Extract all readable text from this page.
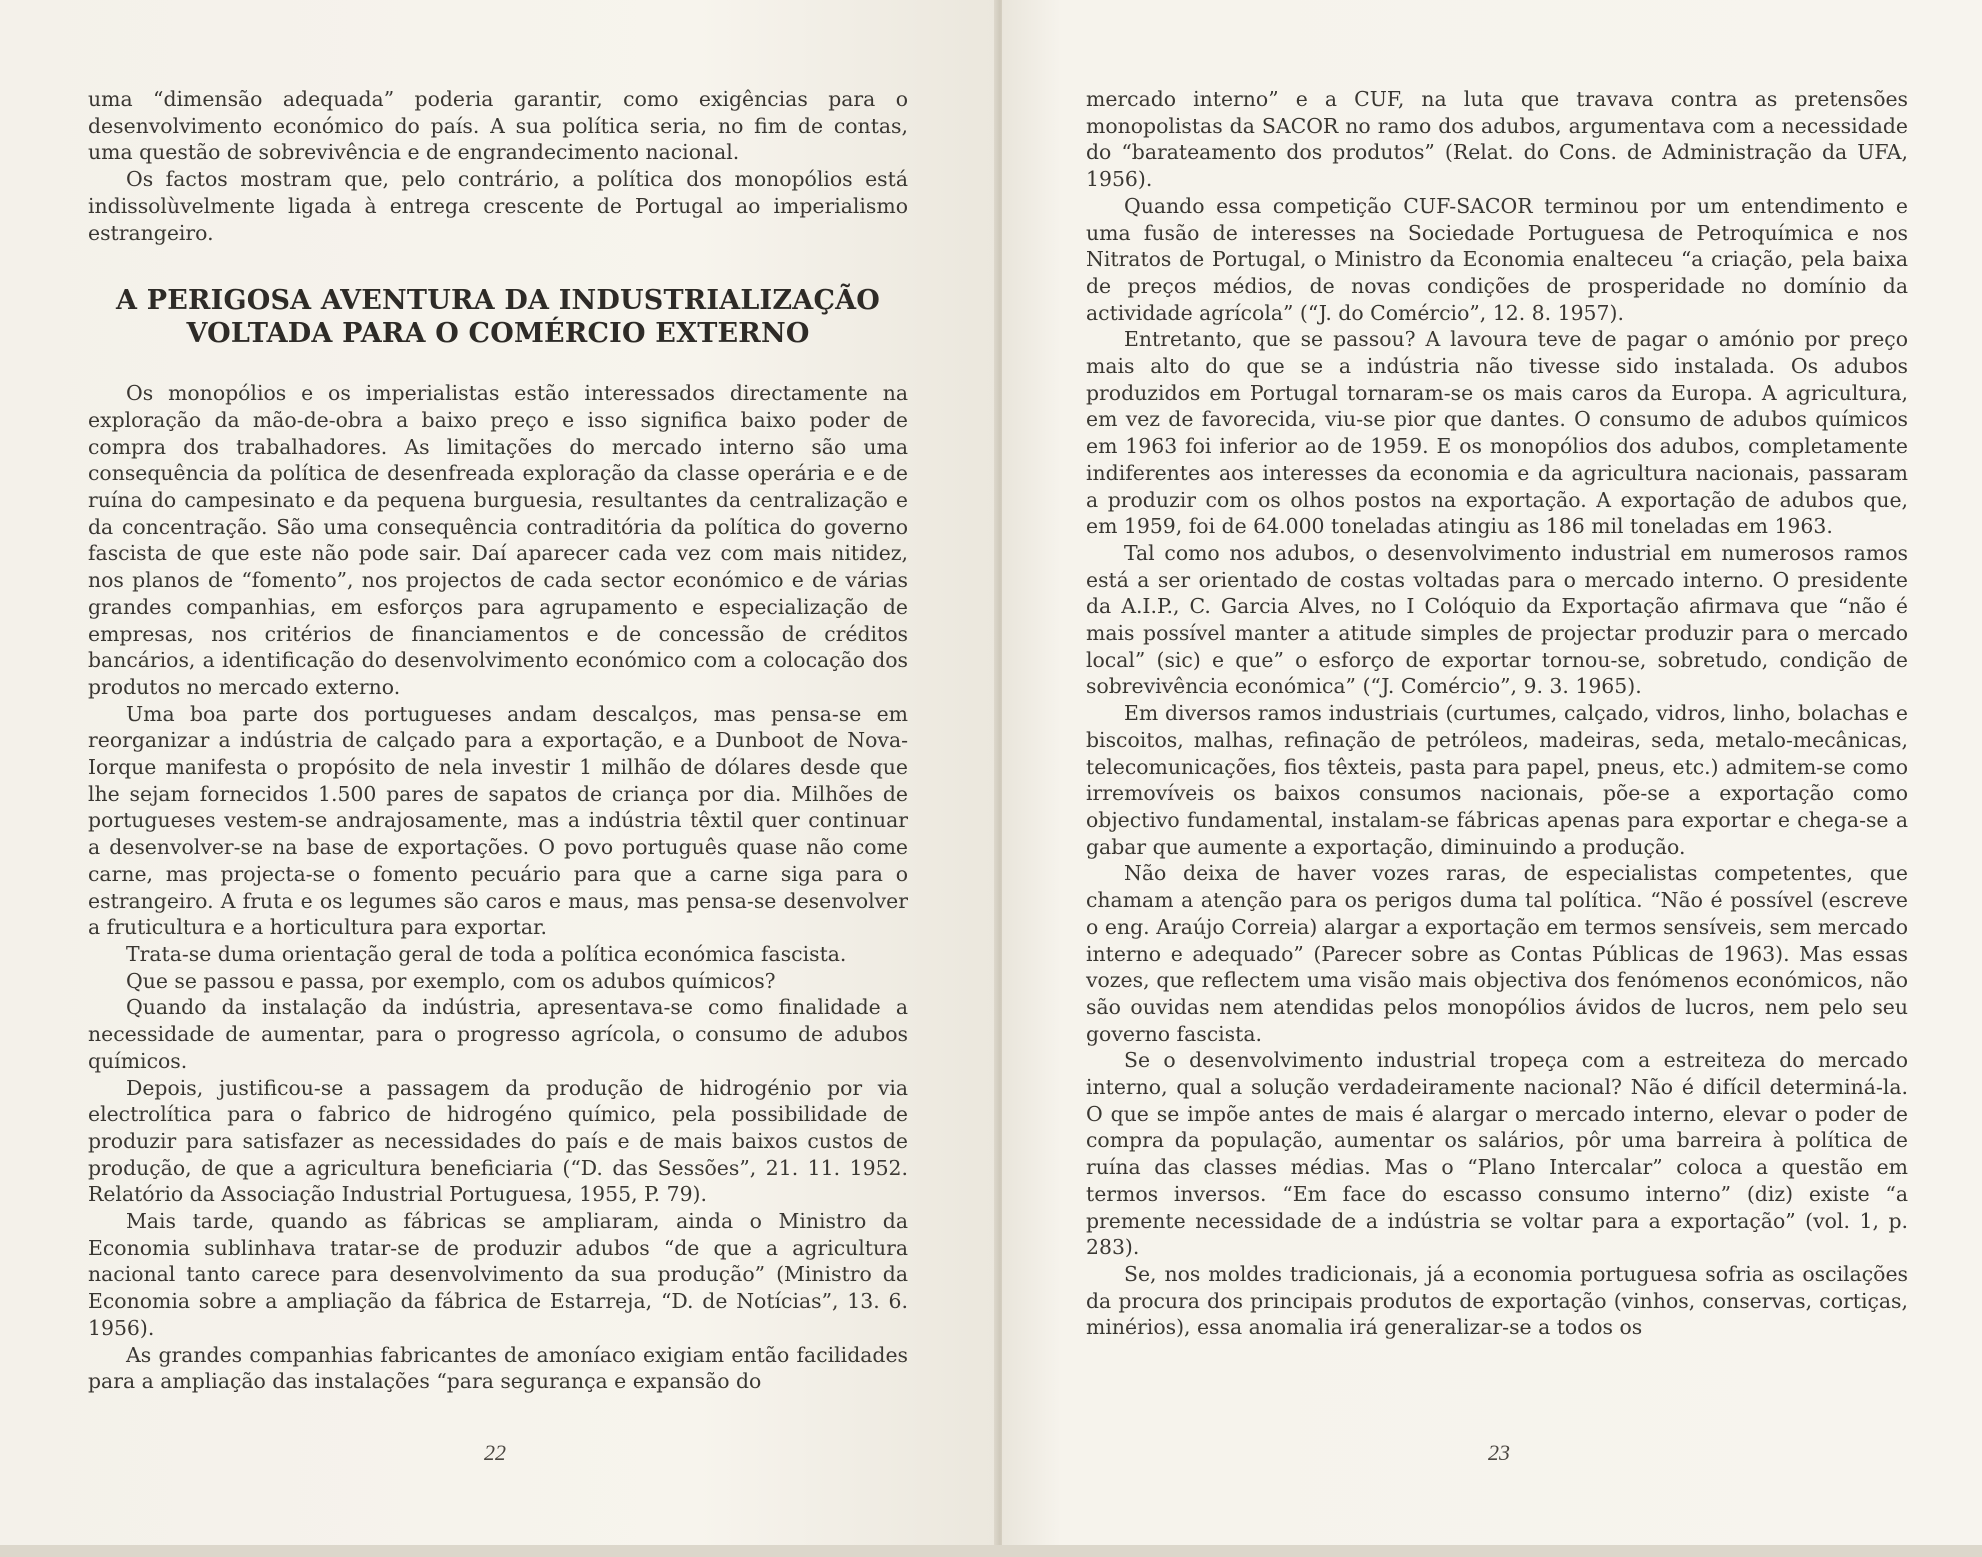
uma “dimensão adequada” poderia garantir, como exigências para o desenvolvimento económico do país. A sua política seria, no fim de contas, uma questão de sobrevivência e de engrandecimento nacional.

Os factos mostram que, pelo contrário, a política dos monopólios está indissolùvelmente ligada à entrega crescente de Portugal ao imperialismo estrangeiro.

A PERIGOSA AVENTURA DA INDUSTRIALIZAÇÃO
VOLTADA PARA O COMÉRCIO EXTERNO

Os monopólios e os imperialistas estão interessados directamente na exploração da mão-de-obra a baixo preço e isso significa baixo poder de compra dos trabalhadores. As limitações do mercado interno são uma consequência da política de desenfreada exploração da classe operária e e de ruína do campesinato e da pequena burguesia, resultantes da centralização e da concentração. São uma consequência contraditória da política do governo fascista de que este não pode sair. Daí aparecer cada vez com mais nitidez, nos planos de “fomento”, nos projectos de cada sector económico e de várias grandes companhias, em esforços para agrupamento e especialização de empresas, nos critérios de financiamentos e de concessão de créditos bancários, a identificação do desenvolvimento económico com a colocação dos produtos no mercado externo.

Uma boa parte dos portugueses andam descalços, mas pensa-se em reorganizar a indústria de calçado para a exportação, e a Dunboot de Nova-Iorque manifesta o propósito de nela investir 1 milhão de dólares desde que lhe sejam fornecidos 1.500 pares de sapatos de criança por dia. Milhões de portugueses vestem-se andrajosamente, mas a indústria têxtil quer continuar a desenvolver-se na base de exportações. O povo português quase não come carne, mas projecta-se o fomento pecuário para que a carne siga para o estrangeiro. A fruta e os legumes são caros e maus, mas pensa-se desenvolver a fruticultura e a horticultura para exportar.

Trata-se duma orientação geral de toda a política económica fascista.

Que se passou e passa, por exemplo, com os adubos químicos?

Quando da instalação da indústria, apresentava-se como finalidade a necessidade de aumentar, para o progresso agrícola, o consumo de adubos químicos.

Depois, justificou-se a passagem da produção de hidrogénio por via electrolítica para o fabrico de hidrogéno químico, pela possibilidade de produzir para satisfazer as necessidades do país e de mais baixos custos de produção, de que a agricultura beneficiaria (“D. das Sessões”, 21. 11. 1952. Relatório da Associação Industrial Portuguesa, 1955, P. 79).

Mais tarde, quando as fábricas se ampliaram, ainda o Ministro da Economia sublinhava tratar-se de produzir adubos “de que a agricultura nacional tanto carece para desenvolvimento da sua produção” (Ministro da Economia sobre a ampliação da fábrica de Estarreja, “D. de Notícias”, 13. 6. 1956).

As grandes companhias fabricantes de amoníaco exigiam então facilidades para a ampliação das instalações “para segurança e expansão do

22

mercado interno” e a CUF, na luta que travava contra as pretensões monopolistas da SACOR no ramo dos adubos, argumentava com a necessidade do “barateamento dos produtos” (Relat. do Cons. de Administração da UFA, 1956).

Quando essa competição CUF-SACOR terminou por um entendimento e uma fusão de interesses na Sociedade Portuguesa de Petroquímica e nos Nitratos de Portugal, o Ministro da Economia enalteceu “a criação, pela baixa de preços médios, de novas condições de prosperidade no domínio da actividade agrícola” (“J. do Comércio”, 12. 8. 1957).

Entretanto, que se passou? A lavoura teve de pagar o amónio por preço mais alto do que se a indústria não tivesse sido instalada. Os adubos produzidos em Portugal tornaram-se os mais caros da Europa. A agricultura, em vez de favorecida, viu-se pior que dantes. O consumo de adubos químicos em 1963 foi inferior ao de 1959. E os monopólios dos adubos, completamente indiferentes aos interesses da economia e da agricultura nacionais, passaram a produzir com os olhos postos na exportação. A exportação de adubos que, em 1959, foi de 64.000 toneladas atingiu as 186 mil toneladas em 1963.

Tal como nos adubos, o desenvolvimento industrial em numerosos ramos está a ser orientado de costas voltadas para o mercado interno. O presidente da A.I.P., C. Garcia Alves, no I Colóquio da Exportação afirmava que “não é mais possível manter a atitude simples de projectar produzir para o mercado local” (sic) e que” o esforço de exportar tornou-se, sobretudo, condição de sobrevivência económica” (“J. Comércio”, 9. 3. 1965).

Em diversos ramos industriais (curtumes, calçado, vidros, linho, bolachas e biscoitos, malhas, refinação de petróleos, madeiras, seda, metalo-mecânicas, telecomunicações, fios têxteis, pasta para papel, pneus, etc.) admitem-se como irremovíveis os baixos consumos nacionais, põe-se a exportação como objectivo fundamental, instalam-se fábricas apenas para exportar e chega-se a gabar que aumente a exportação, diminuindo a produção.

Não deixa de haver vozes raras, de especialistas competentes, que chamam a atenção para os perigos duma tal política. “Não é possível (escreve o eng. Araújo Correia) alargar a exportação em termos sensíveis, sem mercado interno e adequado” (Parecer sobre as Contas Públicas de 1963). Mas essas vozes, que reflectem uma visão mais objectiva dos fenómenos económicos, não são ouvidas nem atendidas pelos monopólios ávidos de lucros, nem pelo seu governo fascista.

Se o desenvolvimento industrial tropeça com a estreiteza do mercado interno, qual a solução verdadeiramente nacional? Não é difícil determiná-la. O que se impõe antes de mais é alargar o mercado interno, elevar o poder de compra da população, aumentar os salários, pôr uma barreira à política de ruína das classes médias. Mas o “Plano Intercalar” coloca a questão em termos inversos. “Em face do escasso consumo interno” (diz) existe “a premente necessidade de a indústria se voltar para a exportação” (vol. 1, p. 283).

Se, nos moldes tradicionais, já a economia portuguesa sofria as oscilações da procura dos principais produtos de exportação (vinhos, conservas, cortiças, minérios), essa anomalia irá generalizar-se a todos os

23
